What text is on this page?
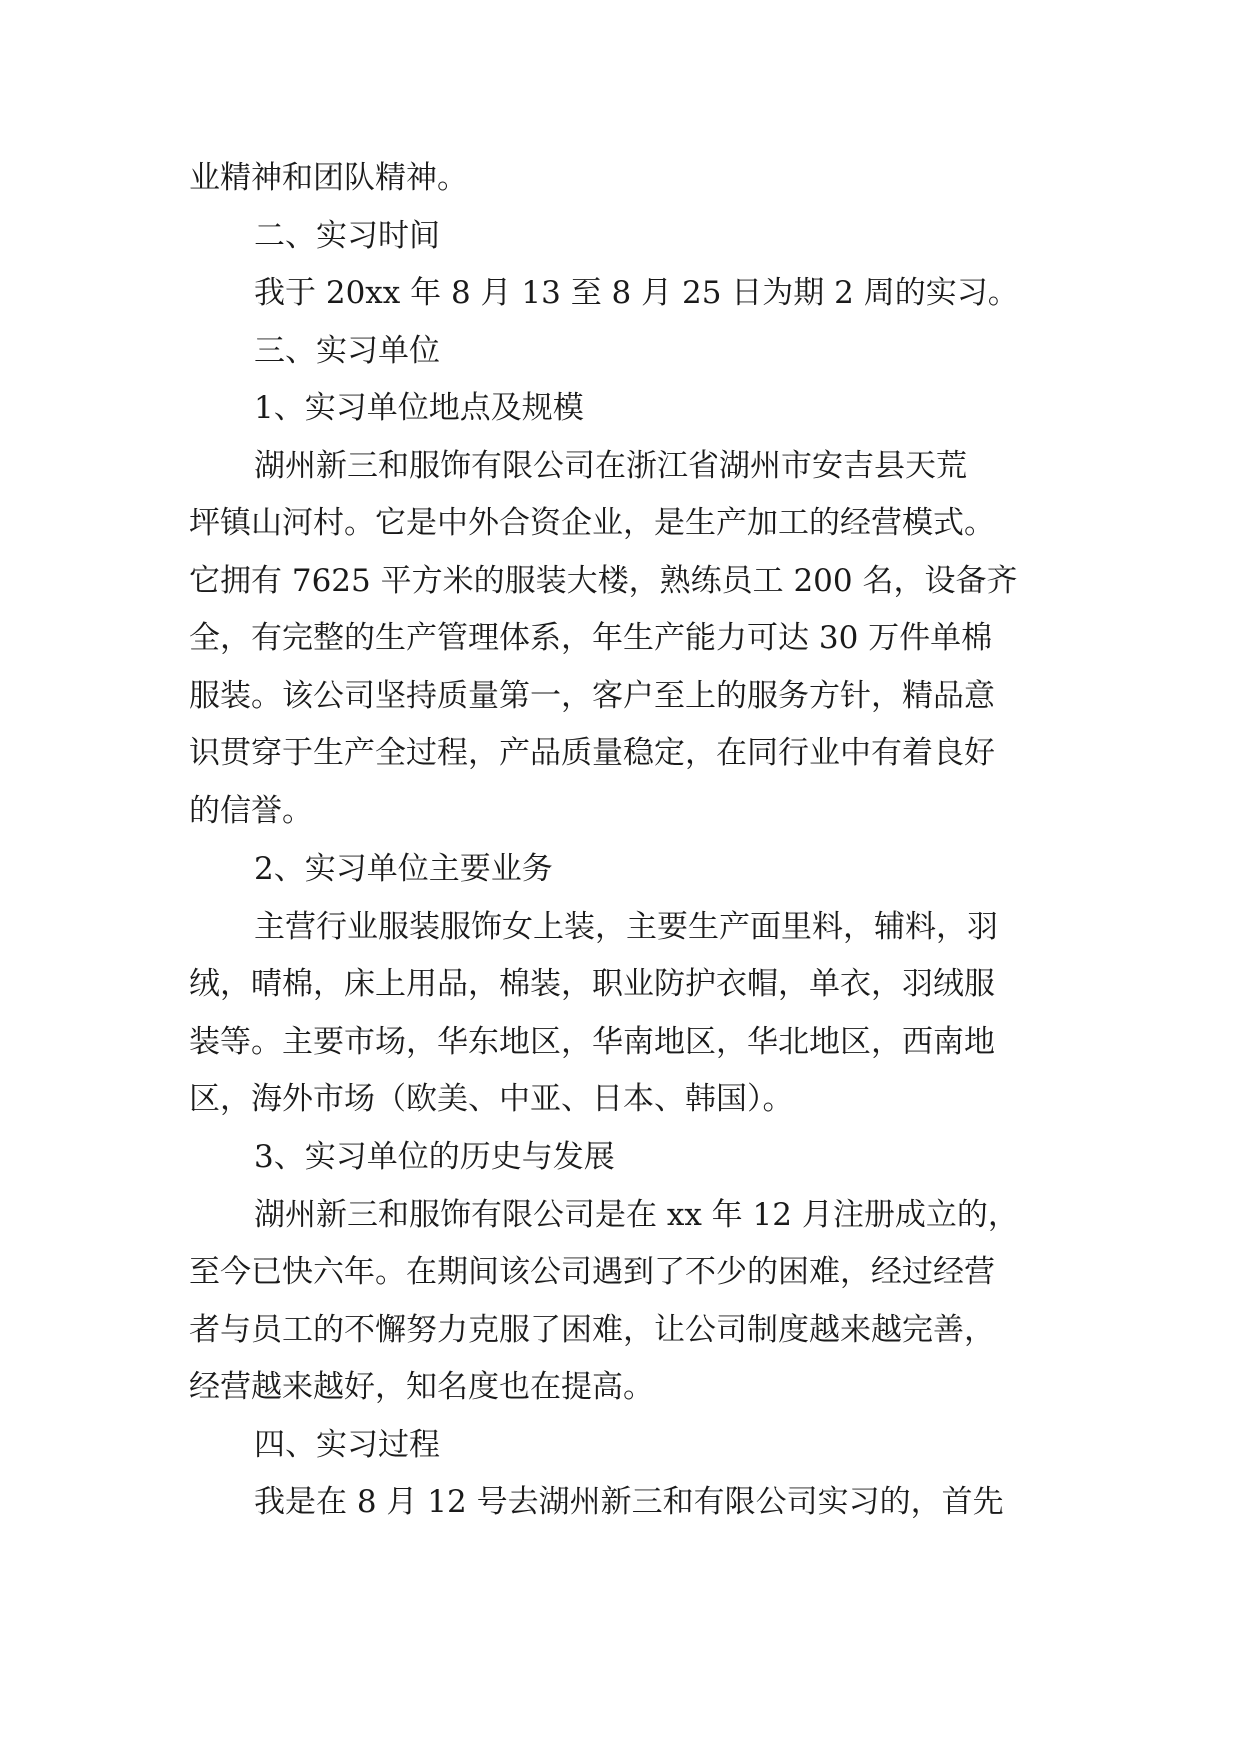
业精神和团队精神。

二、实习时间

我于 20xx 年 8 月 13 至 8 月 25 日为期 2 周的实习。

三、实习单位

1、实习单位地点及规模

湖州新三和服饰有限公司在浙江省湖州市安吉县天荒

坪镇山河村。它是中外合资企业，是生产加工的经营模式。

它拥有 7625 平方米的服装大楼，熟练员工 200 名，设备齐

全，有完整的生产管理体系，年生产能力可达 30 万件单棉

服装。该公司坚持质量第一，客户至上的服务方针，精品意

识贯穿于生产全过程，产品质量稳定，在同行业中有着良好

的信誉。

2、实习单位主要业务

主营行业服装服饰女上装，主要生产面里料，辅料，羽

绒，晴棉，床上用品，棉装，职业防护衣帽，单衣，羽绒服

装等。主要市场，华东地区，华南地区，华北地区，西南地

区，海外市场（欧美、中亚、日本、韩国）。

3、实习单位的历史与发展

湖州新三和服饰有限公司是在 xx 年 12 月注册成立的，

至今已快六年。在期间该公司遇到了不少的困难，经过经营

者与员工的不懈努力克服了困难，让公司制度越来越完善，

经营越来越好，知名度也在提高。

四、实习过程

我是在 8 月 12 号去湖州新三和有限公司实习的，首先
